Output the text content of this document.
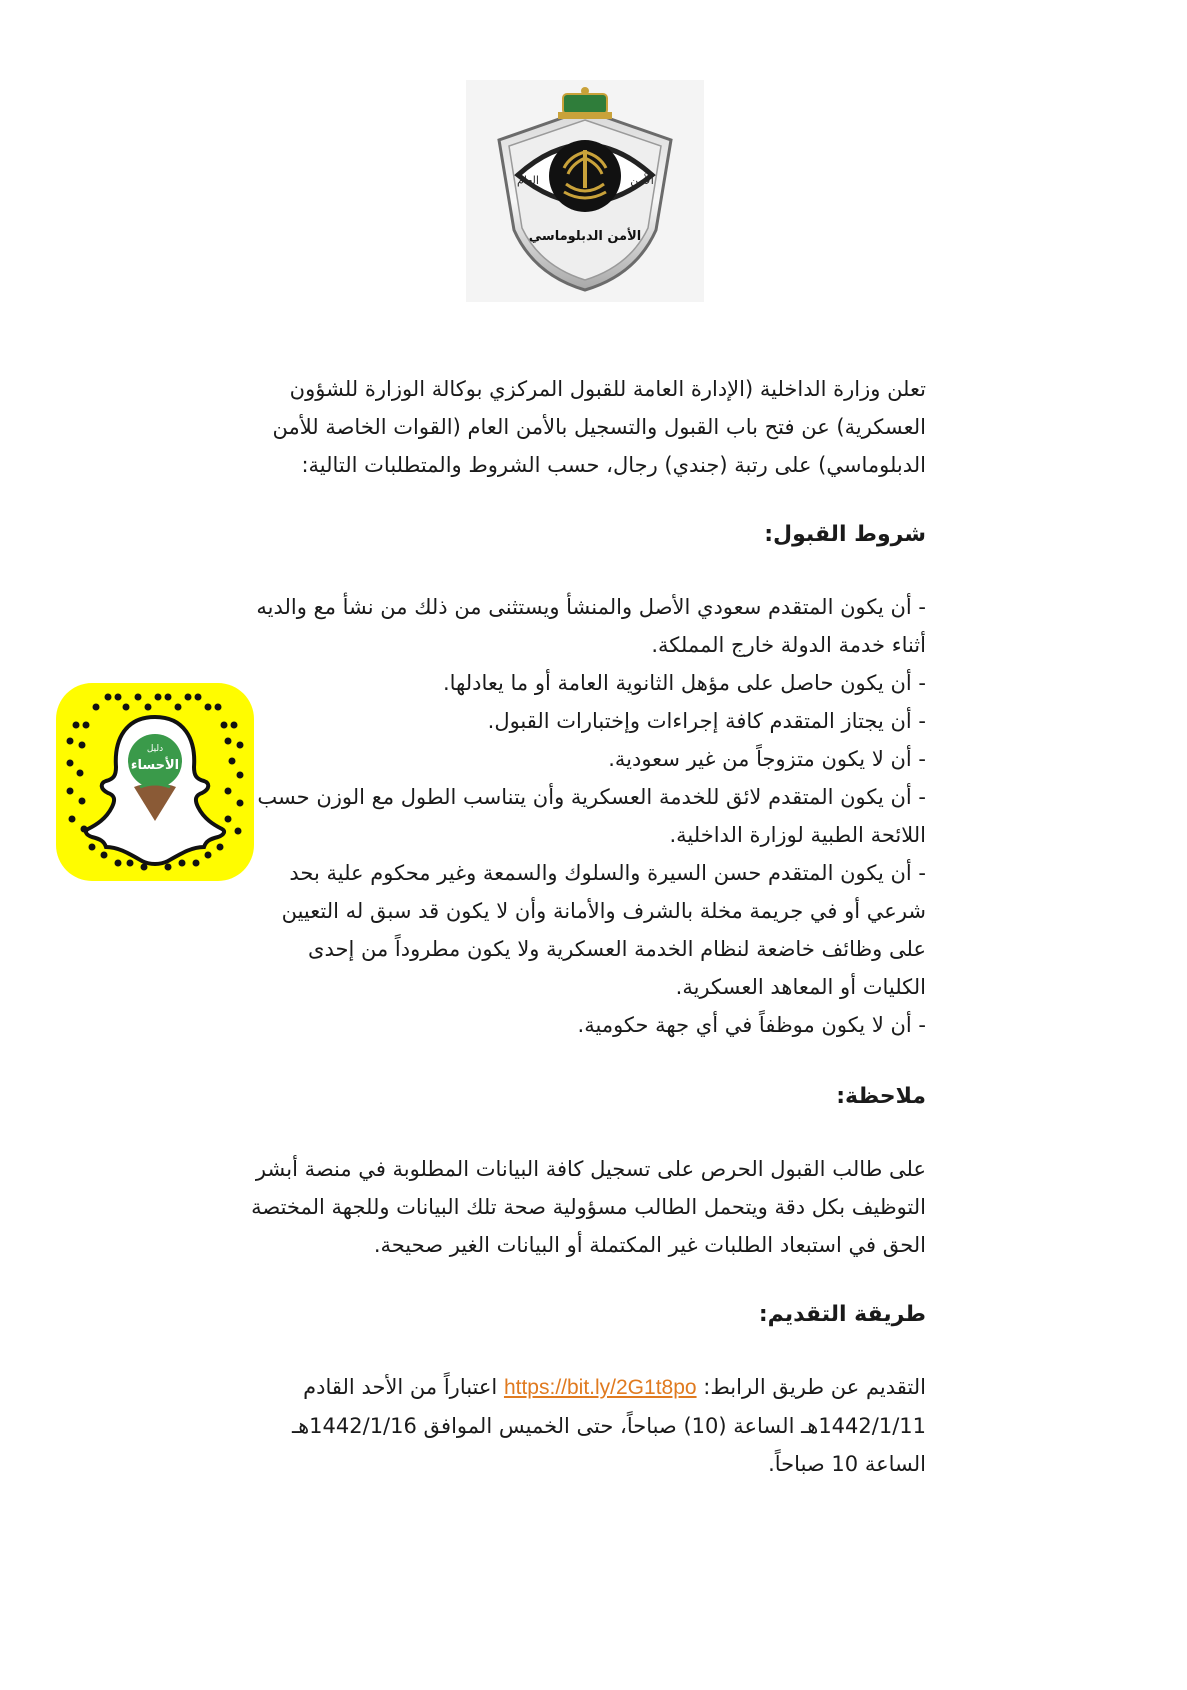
الأمن
العام
الأمن الدبلوماسي
دليل
الأحساء

تعلن وزارة الداخلية (الإدارة العامة للقبول المركزي بوكالة الوزارة للشؤون العسكرية) عن فتح باب القبول والتسجيل بالأمن العام (القوات الخاصة للأمن الدبلوماسي) على رتبة (جندي) رجال، حسب الشروط والمتطلبات التالية:

شروط القبول:
- أن يكون المتقدم سعودي الأصل والمنشأ ويستثنى من ذلك من نشأ مع والديه أثناء خدمة الدولة خارج المملكة.
- أن يكون حاصل على مؤهل الثانوية العامة أو ما يعادلها.
- أن يجتاز المتقدم كافة إجراءات وإختبارات القبول.
- أن لا يكون متزوجاً من غير سعودية.
- أن يكون المتقدم لائق للخدمة العسكرية وأن يتناسب الطول مع الوزن حسب اللائحة الطبية لوزارة الداخلية.
- أن يكون المتقدم حسن السيرة والسلوك والسمعة وغير محكوم علية بحد شرعي أو في جريمة مخلة بالشرف والأمانة وأن لا يكون قد سبق له التعيين على وظائف خاضعة لنظام الخدمة العسكرية ولا يكون مطروداً من إحدى الكليات أو المعاهد العسكرية.
- أن لا يكون موظفاً في أي جهة حكومية.
ملاحظة:

على طالب القبول الحرص على تسجيل كافة البيانات المطلوبة في منصة أبشر التوظيف بكل دقة ويتحمل الطالب مسؤولية صحة تلك البيانات وللجهة المختصة الحق في استبعاد الطلبات غير المكتملة أو البيانات الغير صحيحة.

طريقة التقديم:

التقديم عن طريق الرابط: https://bit.ly/2G1t8po اعتباراً من الأحد القادم 1442/1/11هـ الساعة (10) صباحاً، حتى الخميس الموافق 1442/1/16هـ الساعة 10 صباحاً.
